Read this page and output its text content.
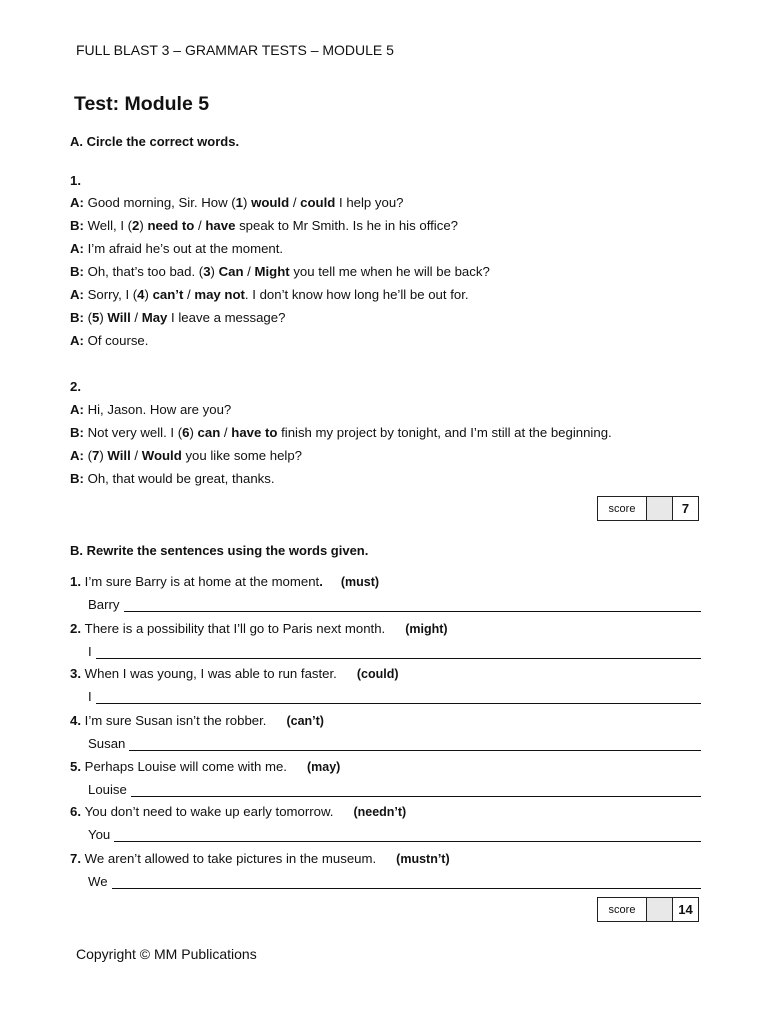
FULL BLAST 3 – GRAMMAR TESTS – MODULE 5
Test: Module 5
A. Circle the correct words.
1.
A: Good morning, Sir. How (1) would / could I help you?
B: Well, I (2) need to / have speak to Mr Smith. Is he in his office?
A: I’m afraid he’s out at the moment.
B: Oh, that’s too bad. (3) Can / Might you tell me when he will be back?
A: Sorry, I (4) can’t / may not. I don’t know how long he’ll be out for.
B: (5) Will / May I leave a message?
A: Of course.
2.
A: Hi, Jason. How are you?
B: Not very well. I (6) can / have to finish my project by tonight, and I’m still at the beginning.
A: (7) Will / Would you like some help?
B: Oh, that would be great, thanks.
score	7
B. Rewrite the sentences using the words given.
1. I’m sure Barry is at home at the moment. (must)
Barry
2. There is a possibility that I’ll go to Paris next month. (might)
I
3. When I was young, I was able to run faster. (could)
I
4. I’m sure Susan isn’t the robber. (can’t)
Susan
5. Perhaps Louise will come with me. (may)
Louise
6. You don’t need to wake up early tomorrow. (needn’t)
You
7. We aren’t allowed to take pictures in the museum. (mustn’t)
We
score	14
Copyright © MM Publications
